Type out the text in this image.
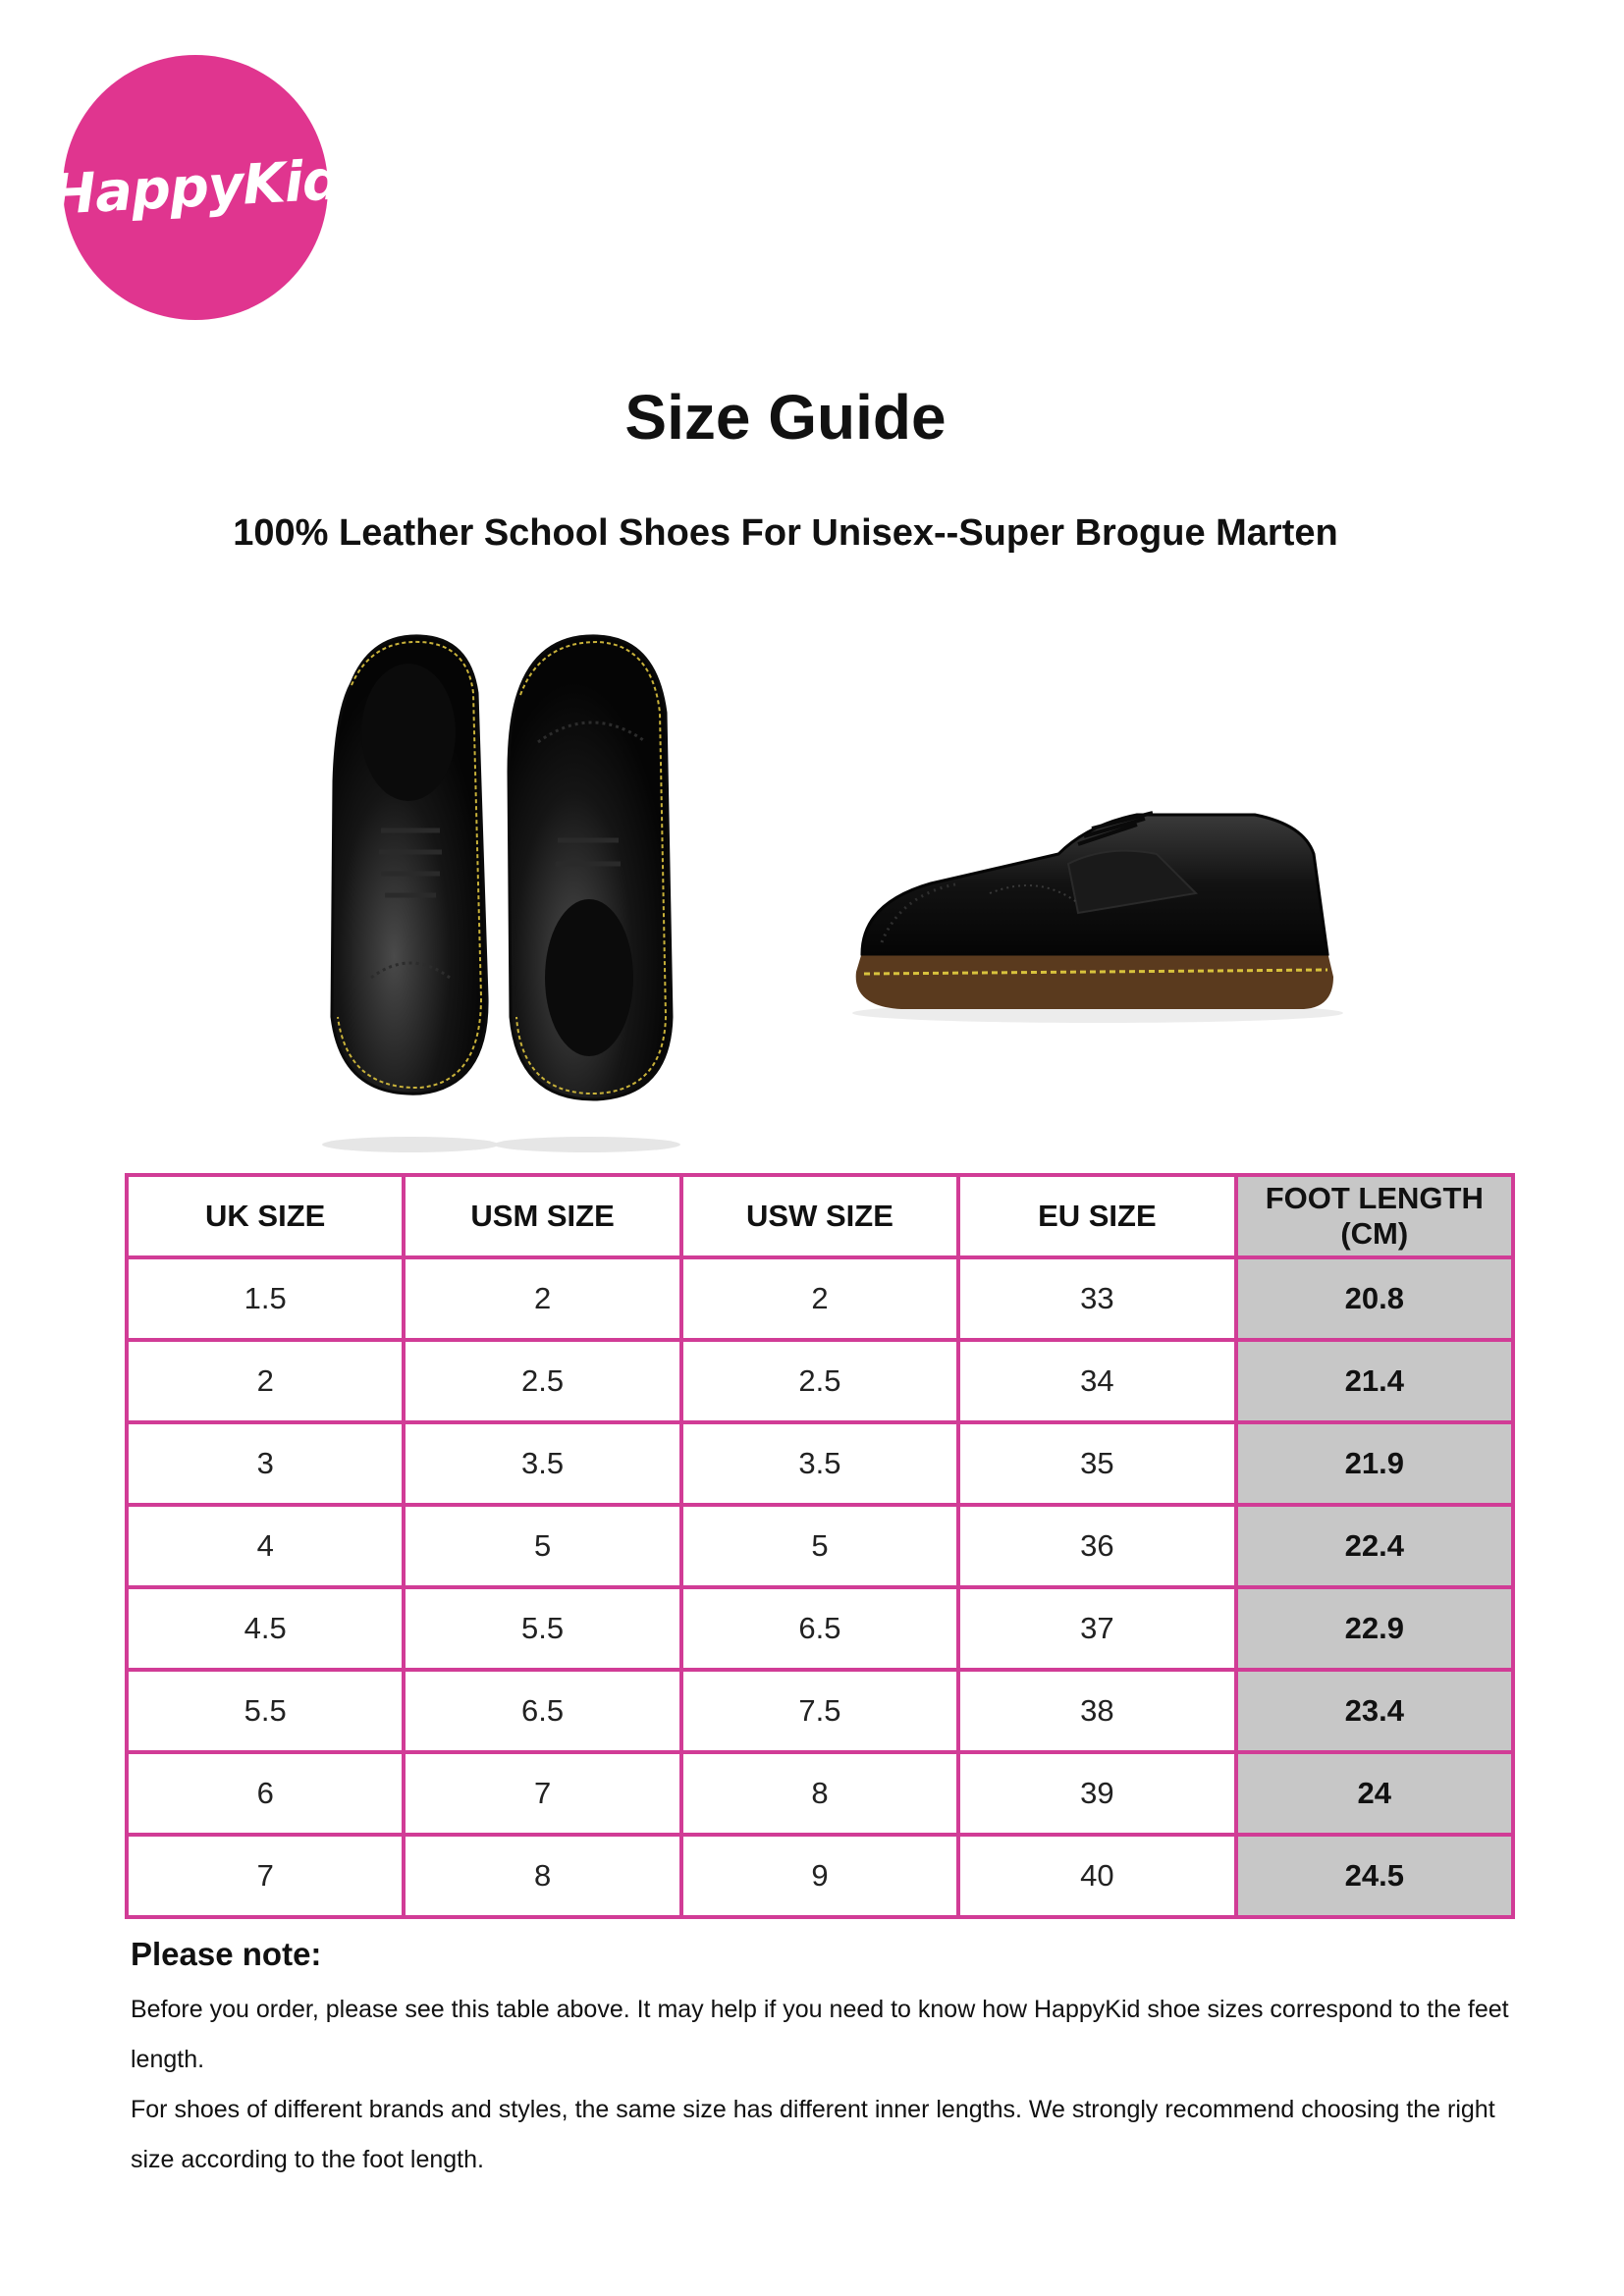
HappyKid
Size Guide
100% Leather School Shoes For Unisex--Super Brogue Marten
UK SIZE	USM SIZE	USW SIZE	EU SIZE	FOOT LENGTH (CM)
1.5	2	2	33	20.8
2	2.5	2.5	34	21.4
3	3.5	3.5	35	21.9
4	5	5	36	22.4
4.5	5.5	6.5	37	22.9
5.5	6.5	7.5	38	23.4
6	7	8	39	24
7	8	9	40	24.5
Please note:

Before you order, please see this table above. It may help if you need to know how HappyKid shoe sizes correspond to the feet length.

For shoes of different brands and styles, the same size has different inner lengths. We strongly recommend choosing the right size according to the foot length.
